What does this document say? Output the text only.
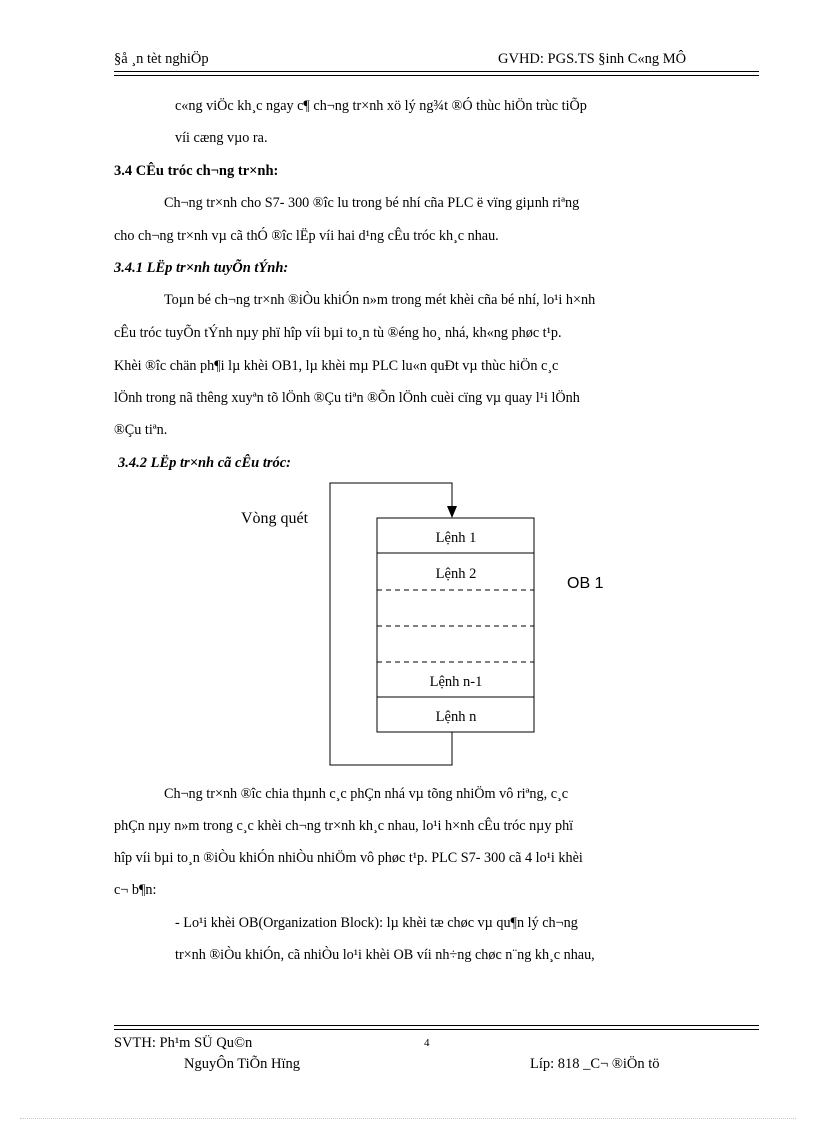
§å ¸n tèt nghiÖp	GVHD: PGS.TS §inh C«ng MÔ
c«ng viÖc kh¸c ngay c¶ ch¬ng tr×nh xö lý ng¾t ®Ó thùc hiÖn trùc tiÕp
víi cæng vµo ra.
3.4 CÊu tróc ch¬ng tr×nh:
Ch¬ng tr×nh cho S7- 300 ®îc lu trong bé nhí cña PLC ë vïng giµnh riªng
cho ch¬ng tr×nh vµ cã thÓ ®îc lËp víi hai d¹ng cÊu tróc kh¸c nhau.
3.4.1 LËp tr×nh tuyÕn tÝnh:
Toµn bé ch¬ng tr×nh ®iÒu khiÓn n»m trong mét khèi cña bé nhí, lo¹i h×nh
cÊu tróc tuyÕn tÝnh nµy phï hîp víi bµi to¸n tù ®éng ho¸ nhá, kh«ng phøc t¹p.
Khèi ®îc chän ph¶i lµ khèi OB1, lµ khèi mµ PLC lu«n quÐt vµ thùc hiÖn c¸c
lÖnh trong nã thêng xuyªn tõ lÖnh ®Çu tiªn ®Õn lÖnh cuèi cïng vµ quay l¹i lÖnh
®Çu tiªn.
3.4.2 LËp tr×nh cã cÊu tróc:
Vòng quét
Lệnh 1
Lệnh 2
Lệnh n-1
Lệnh n
OB 1
Ch¬ng tr×nh ®îc chia thµnh c¸c phÇn nhá vµ tõng nhiÖm vô riªng, c¸c
phÇn nµy n»m trong c¸c khèi ch¬ng tr×nh kh¸c nhau, lo¹i h×nh cÊu tróc nµy phï
hîp víi bµi to¸n ®iÒu khiÓn nhiÒu nhiÖm vô phøc t¹p. PLC S7- 300 cã 4 lo¹i khèi
c¬ b¶n:
- Lo¹i khèi OB(Organization Block): lµ khèi tæ chøc vµ qu¶n lý ch¬ng
tr×nh ®iÒu khiÓn, cã nhiÒu lo¹i khèi OB víi nh÷ng chøc n¨ng kh¸c nhau,
SVTH: Ph¹m SÜ Qu©n	4
NguyÔn TiÕn Hïng	Líp: 818 _C¬ ®iÖn tö
